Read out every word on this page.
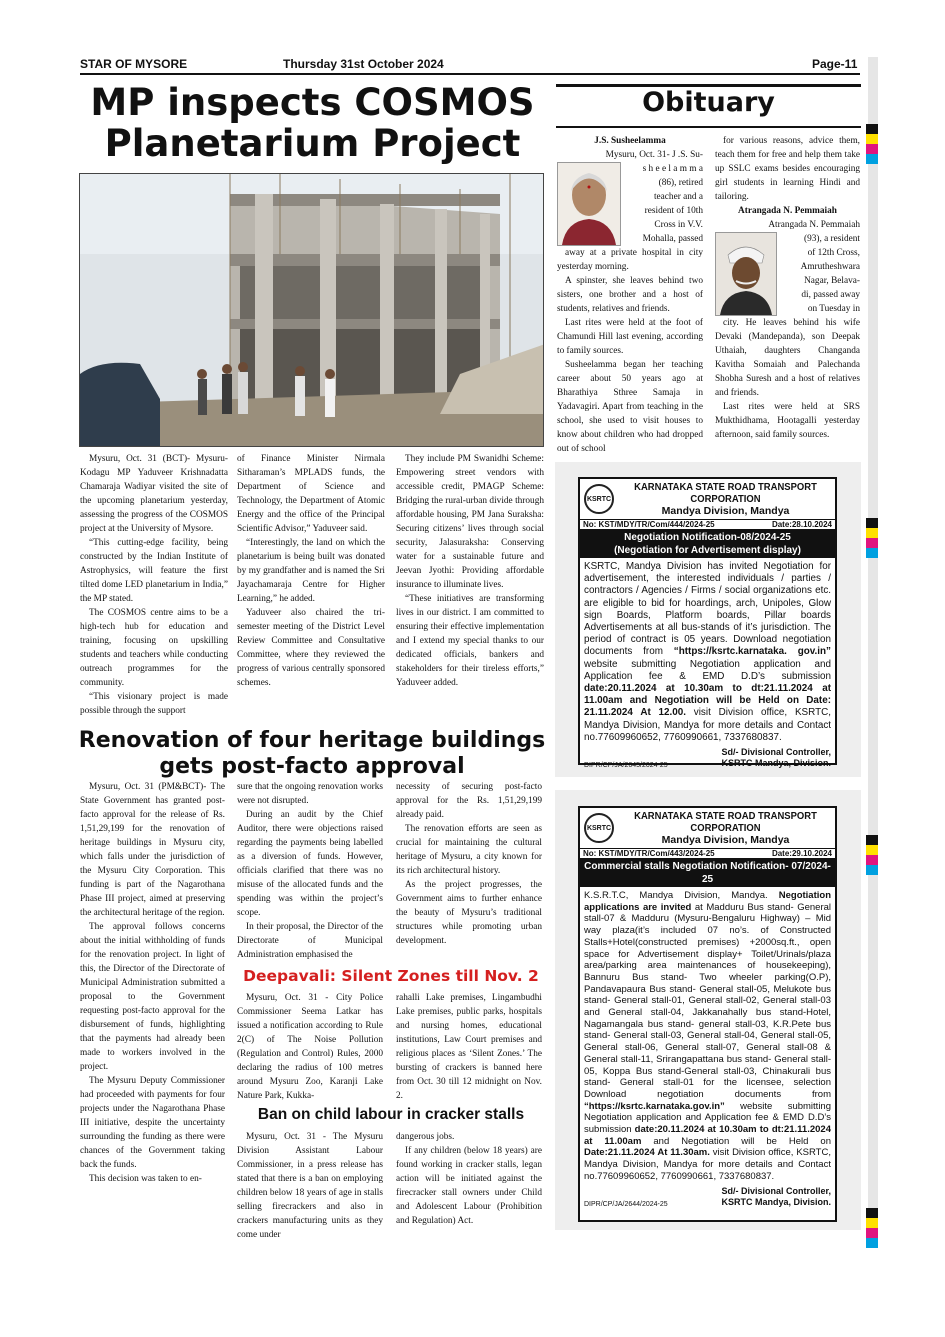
STAR OF MYSORE	Thursday 31st October 2024	Page-11
MP inspects COSMOS
Planetarium Project

Mysuru, Oct. 31 (BCT)- Mysuru-Kodagu MP Yaduveer Krishnadatta Chamaraja Wadiyar visited the site of the upcoming planetarium yesterday, assessing the progress of the COSMOS project at the University of Mysore.

“This cutting-edge facility, being constructed by the Indian Institute of Astrophysics, will feature the first tilted dome LED planetarium in India,” the MP stated.

The COSMOS centre aims to be a high-tech hub for education and training, focusing on upskilling students and teachers while conducting outreach programmes for the community.

“This visionary project is made possible through the support

of Finance Minister Nirmala Sitharaman’s MPLADS funds, the Department of Science and Technology, the Department of Atomic Energy and the office of the Principal Scientific Advisor,” Yaduveer said.

“Interestingly, the land on which the planetarium is being built was donated by my grandfather and is named the Sri Jayachamaraja Centre for Higher Learning,” he added.

Yaduveer also chaired the tri-semester meeting of the District Level Review Committee and Consultative Committee, where they reviewed the progress of various centrally sponsored schemes.

They include PM Swanidhi Scheme: Empowering street vendors with accessible credit, PMAGP Scheme: Bridging the rural-urban divide through affordable housing, PM Jana Suraksha: Securing citizens’ lives through social security, Jalasuraksha: Conserving water for a sustainable future and Jeevan Jyothi: Providing affordable insurance to illuminate lives.

“These initiatives are transforming lives in our district. I am committed to ensuring their effective implementation and I extend my special thanks to our dedicated officials, bankers and stakeholders for their tireless efforts,” Yaduveer added.

Renovation of four heritage buildings
gets post-facto approval

Mysuru, Oct. 31 (PM&BCT)- The State Government has granted post-facto approval for the release of Rs. 1,51,29,199 for the renovation of heritage buildings in Mysuru city, which falls under the jurisdiction of the Mysuru City Corporation. This funding is part of the Nagarothana Phase III project, aimed at preserving the architectural heritage of the region.

The approval follows concerns about the initial withholding of funds for the renovation project. In light of this, the Director of the Directorate of Municipal Administration submitted a proposal to the Government requesting post-facto approval for the disbursement of funds, highlighting that the payments had already been made to workers involved in the project.

The Mysuru Deputy Commissioner had proceeded with payments for four projects under the Nagarothana Phase III initiative, despite the uncertainty surrounding the funding as there were chances of the Government taking back the funds.

This decision was taken to en-

sure that the ongoing renovation works were not disrupted.

During an audit by the Chief Auditor, there were objections raised regarding the payments being labelled as a diversion of funds. However, officials clarified that there was no misuse of the allocated funds and the spending was within the project’s scope.

In their proposal, the Director of the Directorate of Municipal Administration emphasised the

necessity of securing post-facto approval for the Rs. 1,51,29,199 already paid.

The renovation efforts are seen as crucial for maintaining the cultural heritage of Mysuru, a city known for its rich architectural history.

As the project progresses, the Government aims to further enhance the beauty of Mysuru’s traditional structures while promoting urban development.

Deepavali: Silent Zones till Nov. 2

Mysuru, Oct. 31 - City Police Commissioner Seema Latkar has issued a notification according to Rule 2(C) of The Noise Pollution (Regulation and Control) Rules, 2000 declaring the radius of 100 metres around Mysuru Zoo, Karanji Lake Nature Park, Kukka-

rahalli Lake premises, Lingambudhi Lake premises, public parks, hospitals and nursing homes, educational institutions, Law Court premises and religious places as ‘Silent Zones.’ The bursting of crackers is banned here from Oct. 30 till 12 midnight on Nov. 2.

Ban on child labour in cracker stalls

Mysuru, Oct. 31 - The Mysuru Division Assistant Labour Commissioner, in a press release has stated that there is a ban on employing children below 18 years of age in stalls selling firecrackers and also in crackers manufacturing units as they come under

dangerous jobs.

If any children (below 18 years) are found working in cracker stalls, legan action will be initiated against the firecracker stall owners under Child and Adolescent Labour (Prohibition and Regulation) Act.

Obituary

J.S. Susheelamma

Mysuru, Oct. 31- J .S. Su-
s h e e l a m m a
(86), retired
teacher and a
resident of 10th
Cross in V.V.
Mohalla, passed

away at a private hospital in city yesterday morning.

A spinster, she leaves behind two sisters, one brother and a host of students, relatives and friends.

Last rites were held at the foot of Chamundi Hill last evening, according to family sources.

Susheelamma began her teaching career about 50 years ago at Bharathiya Sthree Samaja in Yadavagiri. Apart from teaching in the school, she used to visit houses to know about children who had dropped out of school

for various reasons, advice them, teach them for free and help them take up SSLC exams besides encouraging girl students in learning Hindi and tailoring.

Atrangada N. Pemmaiah

Atrangada N. Pemmaiah
(93), a resident
of 12th Cross,
Amrutheshwara
Nagar, Belava-
di, passed away
on Tuesday in

city. He leaves behind his wife Devaki (Mandepanda), son Deepak Uthaiah, daughters Changanda Kavitha Somaiah and Palechanda Shobha Suresh and a host of relatives and friends.

Last rites were held at SRS Mukthidhama, Hootagalli yesterday afternoon, said family sources.

KSRTC
KARNATAKA STATE ROAD TRANSPORT CORPORATION
Mandya Division, Mandya
No: KST/MDY/TR/Com/444/2024-25	Date:28.10.2024
Negotiation Notification-08/2024-25
(Negotiation for Advertisement display)
KSRTC, Mandya Division has invited Negotiation for advertisement, the interested individuals / parties / contractors / Agencies / Firms / social organizations etc. are eligible to bid for hoardings, arch, Unipoles, Glow sign Boards, Platform boards, Pillar boards Advertisements at all bus-stands of it’s jurisdiction. The period of contract is 05 years. Download negotiation documents from “https://ksrtc.karnataka. gov.in” website submitting Negotiation application and Application fee & EMD D.D’s submission date:20.11.2024 at 10.30am to dt:21.11.2024 at 11.00am and Negotiation will be Held on Date: 21.11.2024 At 12.00. visit Division office, KSRTC, Mandya Division, Mandya for more details and Contact no.77609960652, 7760990661, 7337680837.
DIPR/CP/JA/2645/2024-25
Sd/- Divisional Controller,
KSRTC Mandya, Division.
KSRTC
KARNATAKA STATE ROAD TRANSPORT CORPORATION
Mandya Division, Mandya
No: KST/MDY/TR/Com/443/2024-25	Date:29.10.2024
Commercial stalls Negotiation Notification- 07/2024-25
K.S.R.T.C, Mandya Division, Mandya. Negotiation applications are invited at Madduru Bus stand- General stall-07 & Madduru (Mysuru-Bengaluru Highway) – Mid way plaza(it’s included 07 no’s. of Constructed Stalls+Hotel(constructed premises) +2000sq.ft., open space for Advertisement display+ Toilet/Urinals/plaza area/parking area maintenances of housekeeping), Bannuru Bus stand- Two wheeler parking(O.P), Pandavapaura Bus stand- General stall-05, Melukote bus stand- General stall-01, General stall-02, General stall-03 and General stall-04, Jakkanahally bus stand-Hotel, Nagamangala bus stand- general stall-03, K.R.Pete bus stand- General stall-03, General stall-04, General stall-05, General stall-06, General stall-07, General stall-08 & General stall-11, Srirangapattana bus stand- General stall-05, Koppa Bus stand-General stall-03, Chinakurali bus stand- General stall-01 for the licensee, selection Download negotiation documents from “https://ksrtc.karnataka.gov.in” website submitting Negotiation application and Application fee & EMD D.D’s submission date:20.11.2024 at 10.30am to dt:21.11.2024 at 11.00am and Negotiation will be Held on Date:21.11.2024 At 11.30am. visit Division office, KSRTC, Mandya Division, Mandya for more details and Contact no.77609960652, 7760990661, 7337680837.
DIPR/CP/JA/2644/2024-25
Sd/- Divisional Controller,
KSRTC Mandya, Division.
